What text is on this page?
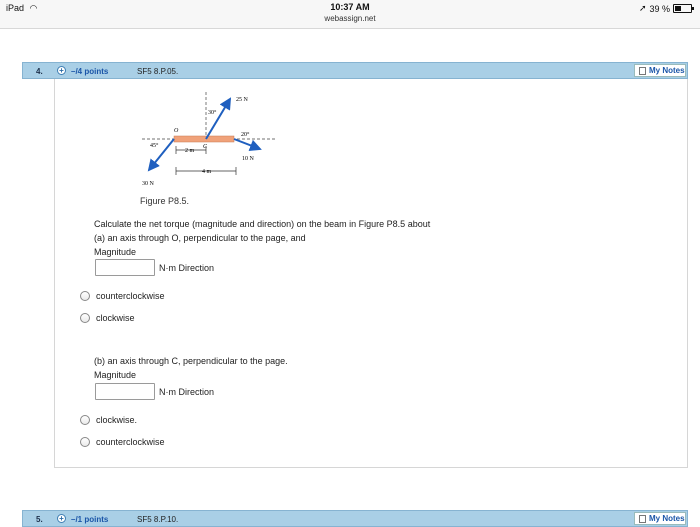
iPad ◠	10:37 AM
webassign.net
➚ 39 %
4. + –/4 points	SF5 8.P.05.	My Notes
25 N
30°
20°
45°
O
C
2 m
4 m
10 N
30 N
Figure P8.5.
Calculate the net torque (magnitude and direction) on the beam in Figure P8.5 about
(a) an axis through O, perpendicular to the page, and
Magnitude
N·m Direction
counterclockwise
clockwise
(b) an axis through C, perpendicular to the page.
Magnitude
N·m Direction
clockwise.
counterclockwise
5. + –/1 points	SF5 8.P.10.	My Notes
